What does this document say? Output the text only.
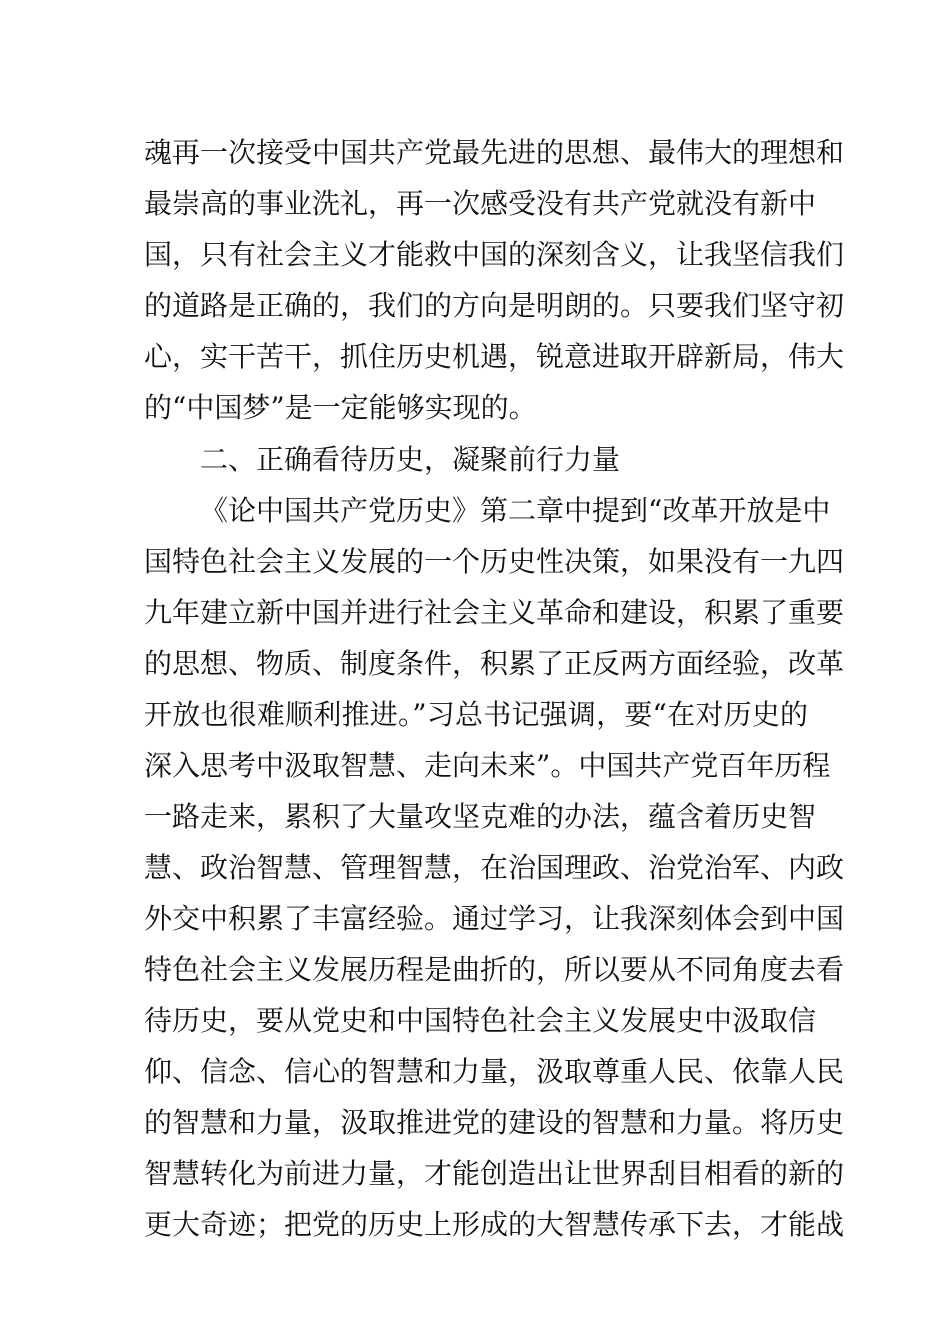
魂再一次接受中国共产党最先进的思想、最伟大的理想和
最崇高的事业洗礼，再一次感受没有共产党就没有新中
国，只有社会主义才能救中国的深刻含义，让我坚信我们
的道路是正确的，我们的方向是明朗的。只要我们坚守初
心，实干苦干，抓住历史机遇，锐意进取开辟新局，伟大
的“中国梦”是一定能够实现的。
二、正确看待历史，凝聚前行力量
《论中国共产党历史》第二章中提到“改革开放是中
国特色社会主义发展的一个历史性决策，如果没有一九四
九年建立新中国并进行社会主义革命和建设，积累了重要
的思想、物质、制度条件，积累了正反两方面经验，改革
开放也很难顺利推进。”习总书记强调，要“在对历史的
深入思考中汲取智慧、走向未来”。中国共产党百年历程
一路走来，累积了大量攻坚克难的办法，蕴含着历史智
慧、政治智慧、管理智慧，在治国理政、治党治军、内政
外交中积累了丰富经验。通过学习，让我深刻体会到中国
特色社会主义发展历程是曲折的，所以要从不同角度去看
待历史，要从党史和中国特色社会主义发展史中汲取信
仰、信念、信心的智慧和力量，汲取尊重人民、依靠人民
的智慧和力量，汲取推进党的建设的智慧和力量。将历史
智慧转化为前进力量，才能创造出让世界刮目相看的新的
更大奇迹；把党的历史上形成的大智慧传承下去，才能战
